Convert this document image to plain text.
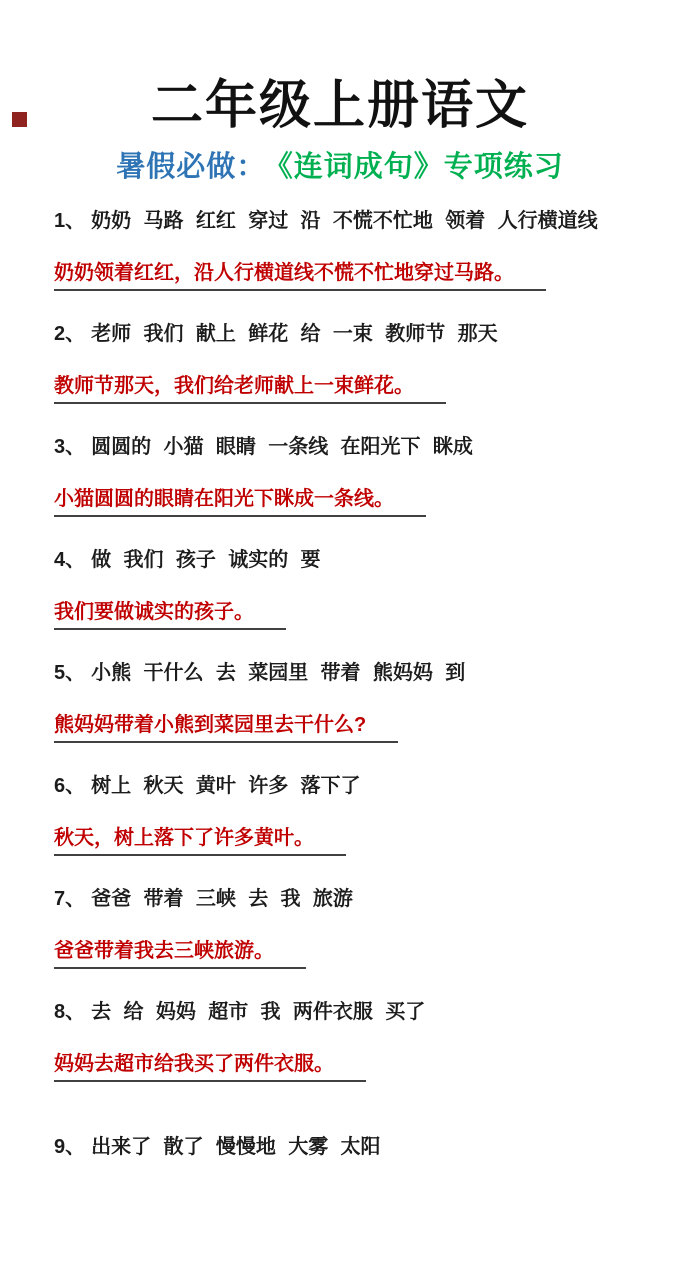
二年级上册语文
暑假必做： 《连词成句》专项练习

1、 奶奶 马路 红红 穿过 沿 不慌不忙地 领着 人行横道线

奶奶领着红红，沿人行横道线不慌不忙地穿过马路。

2、 老师 我们 献上 鲜花 给 一束 教师节 那天

教师节那天，我们给老师献上一束鲜花。

3、 圆圆的 小猫 眼睛 一条线 在阳光下 眯成

小猫圆圆的眼睛在阳光下眯成一条线。

4、 做 我们 孩子 诚实的 要

我们要做诚实的孩子。

5、 小熊 干什么 去 菜园里 带着 熊妈妈 到

熊妈妈带着小熊到菜园里去干什么?

6、 树上 秋天 黄叶 许多 落下了

秋天，树上落下了许多黄叶。

7、 爸爸 带着 三峡 去 我 旅游

爸爸带着我去三峡旅游。

8、 去 给 妈妈 超市 我 两件衣服 买了

妈妈去超市给我买了两件衣服。

9、 出来了 散了 慢慢地 大雾 太阳
